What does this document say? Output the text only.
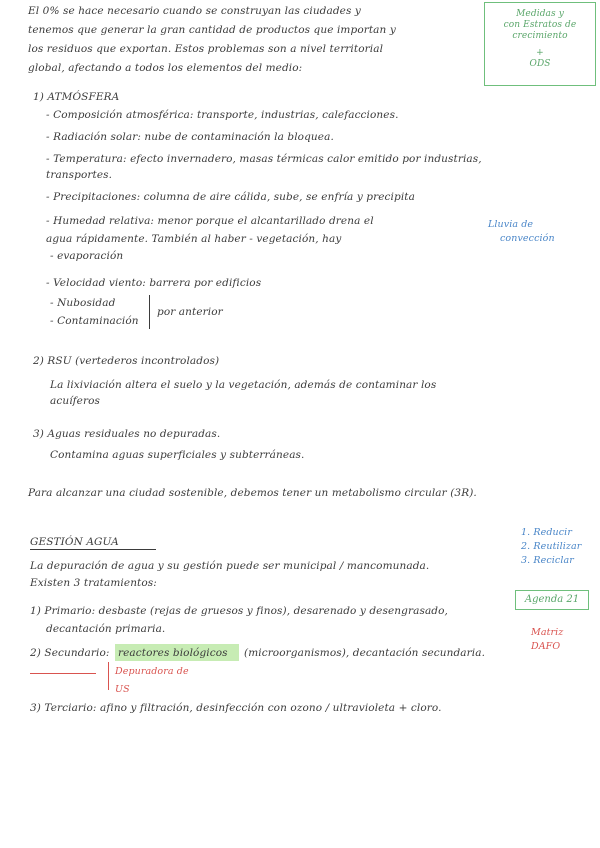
El 0% se hace necesario cuando se construyan las ciudades y
tenemos que generar la gran cantidad de productos que importan y
los residuos que exportan. Estos problemas son a nivel territorial
global, afectando a todos los elementos del medio:
Medidas y
con Estratos de
crecimiento
+
ODS
1) ATMÓSFERA
- Composición atmosférica: transporte, industrias, calefacciones.
- Radiación solar: nube de contaminación la bloquea.
- Temperatura: efecto invernadero, masas térmicas calor emitido por industrias,
transportes.
- Precipitaciones: columna de aire cálida, sube, se enfría y precipita
- Humedad relativa: menor porque el alcantarillado drena el
agua rápidamente. También al haber - vegetación, hay
- evaporación
- Velocidad viento: barrera por edificios
- Nubosidad
- Contaminación
por anterior
Lluvia de
convección
2) RSU (vertederos incontrolados)
La lixiviación altera el suelo y la vegetación, además de contaminar los
acuíferos
3) Aguas residuales no depuradas.
Contamina aguas superficiales y subterráneas.
Para alcanzar una ciudad sostenible, debemos tener un metabolismo circular (3R).
1. Reducir
2. Reutilizar
3. Reciclar
GESTIÓN AGUA
La depuración de agua y su gestión puede ser municipal / mancomunada.
Existen 3 tratamientos:
Agenda 21
1) Primario: desbaste (rejas de gruesos y finos), desarenado y desengrasado,
decantación primaria.	Matriz
DAFO
2) Secundario: reactores biológicos (microorganismos), decantación secundaria.
Depuradora de
US
3) Terciario: afino y filtración, desinfección con ozono / ultravioleta + cloro.
